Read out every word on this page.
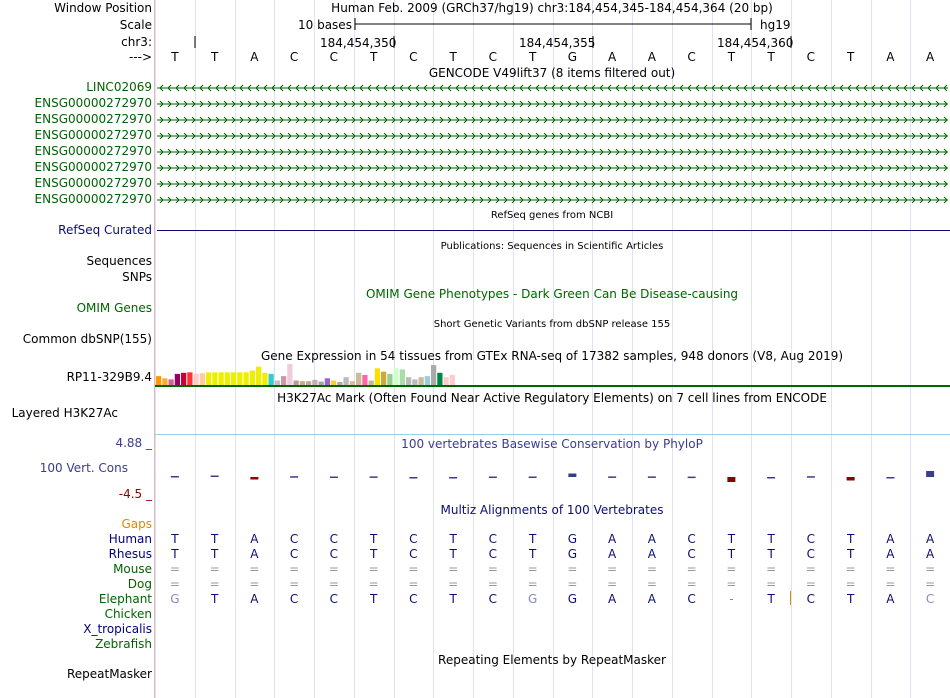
Window Position
Scale
chr3:
--->
LINC02069
ENSG00000272970
ENSG00000272970
ENSG00000272970
ENSG00000272970
ENSG00000272970
ENSG00000272970
ENSG00000272970
RefSeq Curated
Sequences
SNPs
OMIM Genes
Common dbSNP(155)
RP11-329B9.4
Layered H3K27Ac
4.88 _
100 Vert. Cons
-4.5 _
Gaps
Human
Rhesus
Mouse
Dog
Elephant
Chicken
X_tropicalis
Zebrafish
RepeatMasker
Human Feb. 2009 (GRCh37/hg19) chr3:184,454,345-184,454,364 (20 bp)
10 bases	hg19
184,454,350	184,454,355	184,454,360
T	T	A	C	C	T	C	T	C	T	G	A	A	C	T	T	C	T	A	A
GENCODE V49lift37 (8 items filtered out)
RefSeq genes from NCBI
Publications: Sequences in Scientific Articles
OMIM Gene Phenotypes - Dark Green Can Be Disease-causing
Short Genetic Variants from dbSNP release 155
Gene Expression in 54 tissues from GTEx RNA-seq of 17382 samples, 948 donors (V8, Aug 2019)
H3K27Ac Mark (Often Found Near Active Regulatory Elements) on 7 cell lines from ENCODE
100 vertebrates Basewise Conservation by PhyloP
Multiz Alignments of 100 Vertebrates
T	T	A	C	C	T	C	T	C	T	G	A	A	C	T	T	C	T	A	A
T	T	A	C	C	T	C	T	C	T	G	A	A	C	T	T	C	T	A	A
= = = = = = = = = = = = = = = = = = = =
= = = = = = = = = = = = = = = = = = = =
G	T	A	C	C	T	C	T	C	G	G	A	A	C	-	T	C	T	A	C
Repeating Elements by RepeatMasker
